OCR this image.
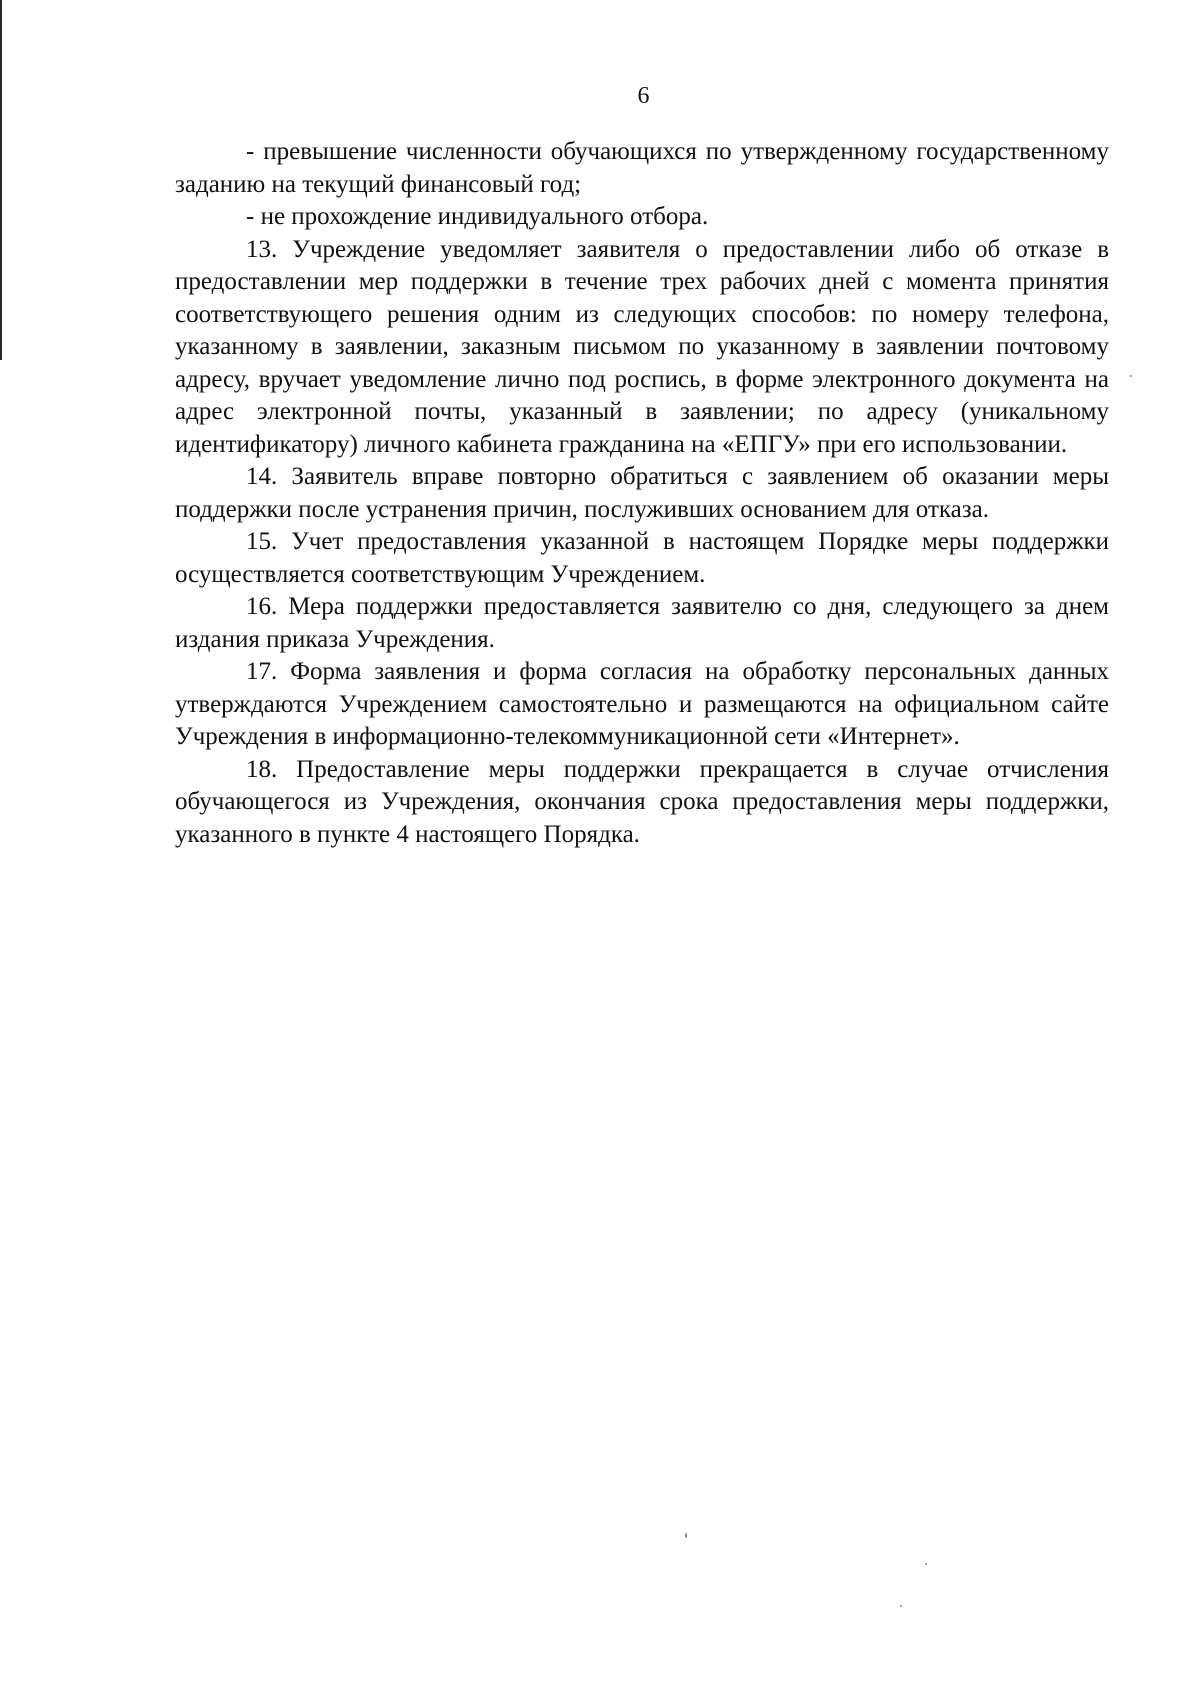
6

- превышение численности обучающихся по утвержденному государственному заданию на текущий финансовый год;

- не прохождение индивидуального отбора.

13. Учреждение уведомляет заявителя о предоставлении либо об отказе в предоставлении мер поддержки в течение трех рабочих дней с момента принятия соответствующего решения одним из следующих способов: по номеру телефона, указанному в заявлении, заказным письмом по указанному в заявлении почтовому адресу, вручает уведомление лично под роспись, в форме электронного документа на адрес электронной почты, указанный в заявлении; по адресу (уникальному идентификатору) личного кабинета гражданина на «ЕПГУ» при его использовании.

14. Заявитель вправе повторно обратиться с заявлением об оказании меры поддержки после устранения причин, послуживших основанием для отказа.

15. Учет предоставления указанной в настоящем Порядке меры поддержки осуществляется соответствующим Учреждением.

16. Мера поддержки предоставляется заявителю со дня, следующего за днем издания приказа Учреждения.

17. Форма заявления и форма согласия на обработку персональных данных утверждаются Учреждением самостоятельно и размещаются на официальном сайте Учреждения в информационно-телекоммуникационной сети «Интернет».

18. Предоставление меры поддержки прекращается в случае отчисления обучающегося из Учреждения, окончания срока предоставления меры поддержки, указанного в пункте 4 настоящего Порядка.
